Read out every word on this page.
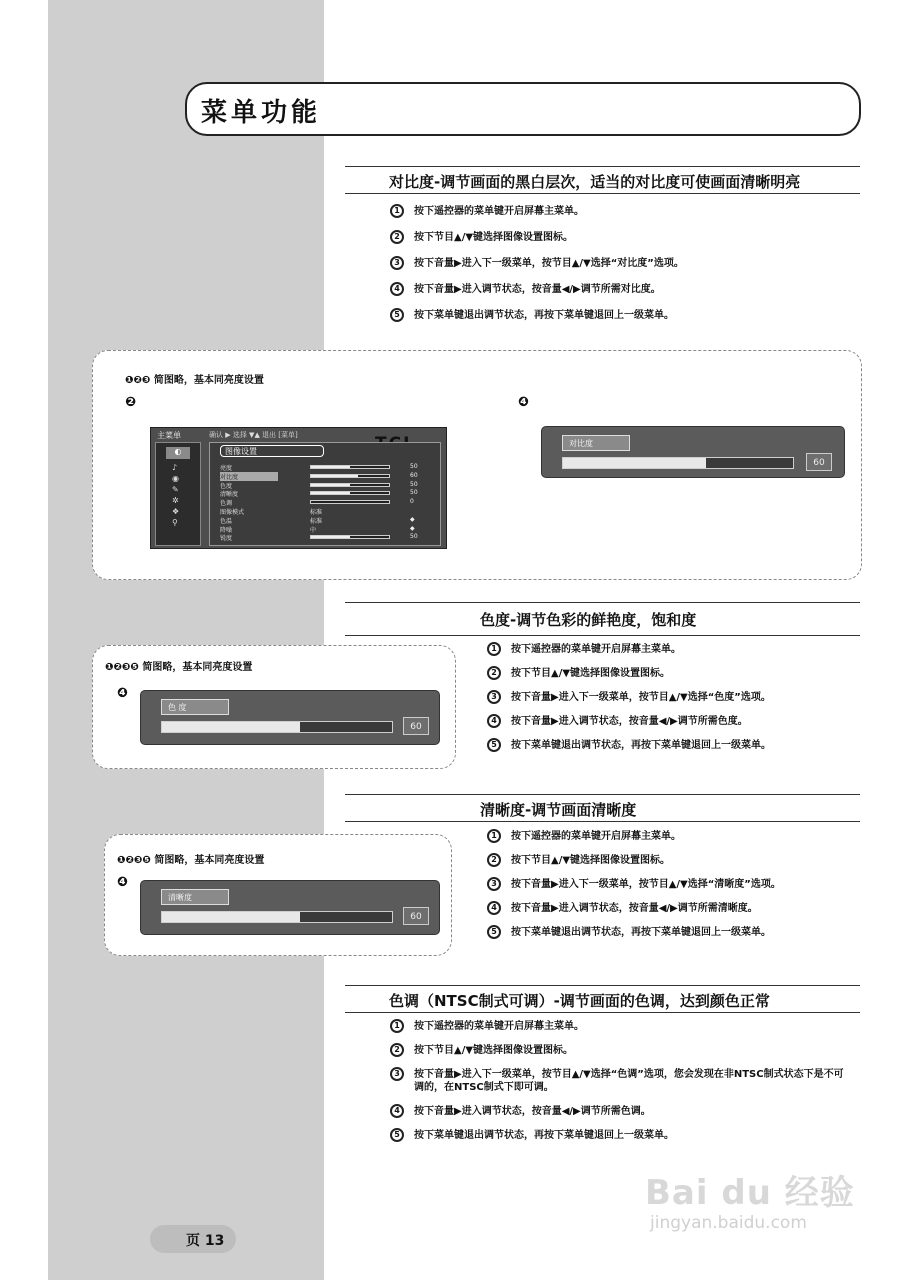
菜单功能
对比度-调节画面的黑白层次，适当的对比度可使画面清晰明亮
1	按下遥控器的菜单键开启屏幕主菜单。
2	按下节目▲/▼键选择图像设置图标。
3	按下音量▶进入下一级菜单，按节目▲/▼选择“对比度”选项。
4	按下音量▶进入调节状态，按音量◀/▶调节所需对比度。
5	按下菜单键退出调节状态，再按下菜单键退回上一级菜单。
❶❷❸ 简图略，基本同亮度设置
❷	❹
主菜单
◐
♪
◉
✎
✲
❖
⚲
确认 ▶ 选择 ▼▲ 退出 [菜单]
图像设置
亮度	50
对比度	60
色度	50
清晰度	50
色调	0
图像模式	标准
色温	标准	◆
降噪	中	◆
锐度	50
对比度
60
色度-调节色彩的鲜艳度，饱和度
❶❷❸❺ 简图略，基本同亮度设置
❹
色 度
60
1	按下遥控器的菜单键开启屏幕主菜单。
2	按下节目▲/▼键选择图像设置图标。
3	按下音量▶进入下一级菜单，按节目▲/▼选择“色度”选项。
4	按下音量▶进入调节状态，按音量◀/▶调节所需色度。
5	按下菜单键退出调节状态，再按下菜单键退回上一级菜单。
清晰度-调节画面清晰度
❶❷❸❺ 简图略，基本同亮度设置
❹
清晰度
60
1	按下遥控器的菜单键开启屏幕主菜单。
2	按下节目▲/▼键选择图像设置图标。
3	按下音量▶进入下一级菜单，按节目▲/▼选择“清晰度”选项。
4	按下音量▶进入调节状态，按音量◀/▶调节所需清晰度。
5	按下菜单键退出调节状态，再按下菜单键退回上一级菜单。
色调（NTSC制式可调）-调节画面的色调，达到颜色正常
1	按下遥控器的菜单键开启屏幕主菜单。
2	按下节目▲/▼键选择图像设置图标。
3	按下音量▶进入下一级菜单，按节目▲/▼选择“色调”选项，您会发现在非NTSC制式状态下是不可调的，在NTSC制式下即可调。
4	按下音量▶进入调节状态，按音量◀/▶调节所需色调。
5	按下菜单键退出调节状态，再按下菜单键退回上一级菜单。
页 13
Bai du 经验
jingyan.baidu.com
